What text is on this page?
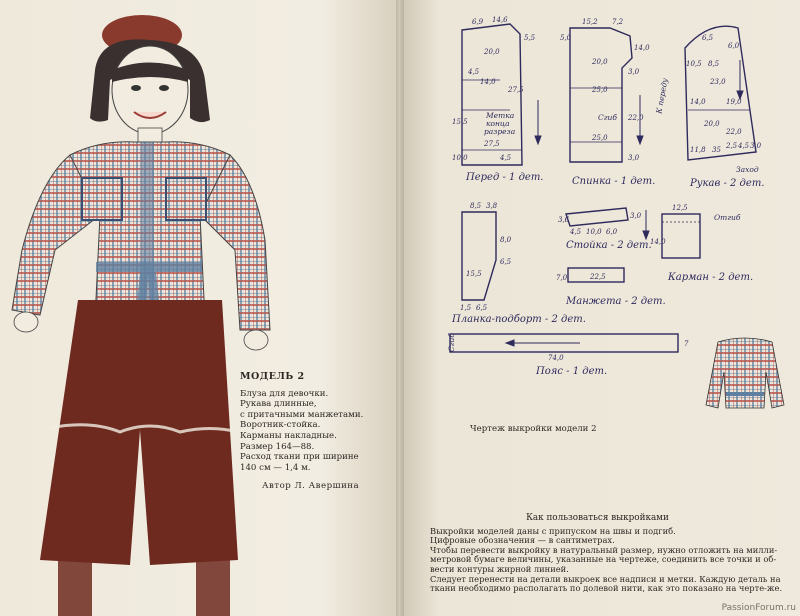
МОДЕЛЬ 2
Блуза для девочки.
Рукава длинные,
с притачными манжетами.
Воротник-стойка.
Карманы накладные.
Размер 164—88.
Расход ткани при ширине
140 см — 1,4 м.
Автор Л. Авершина
6,9 14,6
5,5
20,0
4,5
14,0
27,5
10,0
15,5
27,5
4,5
Метка
конца
разреза
Перед - 1 дет.
15,2 7,2
5,0
14,0
20,0
25,0
25,0
Сгиб 22,0
3,0
3,0
Спинка - 1 дет.
6,5
10,5 8,5
6,0
23,0
14,0	19,0
20,0
22,0
11,8 35 2,5 4,5 3,0
К переду
Заход
Рукав - 2 дет.
8,5 3,8
8,0
6,5
15,5
1,5 6,5
Планка-подборт - 2 дет.
3,6
4,5 10,0 6,0
3,0
Стойка - 2 дет.
7,0	22,5
Манжета - 2 дет.
12,5
14,0
Отгиб
Карман - 2 дет.
74,0
7
Сгиб
Пояс - 1 дет.
Чертеж выкройки модели 2
Как пользоваться выкройками

Выкройки моделей даны с припуском на швы и подгиб.

Цифровые обозначения — в сантиметрах.

Чтобы перевести выкройку в натуральный размер, нужно отложить на милли-метровой бумаге величины, указанные на чертеже, соединить все точки и об-вести контуры жирной линией.

Следует перенести на детали выкроек все надписи и метки. Каждую деталь на ткани необходимо располагать по долевой нити, как это показано на черте-же.

PassionForum.ru
